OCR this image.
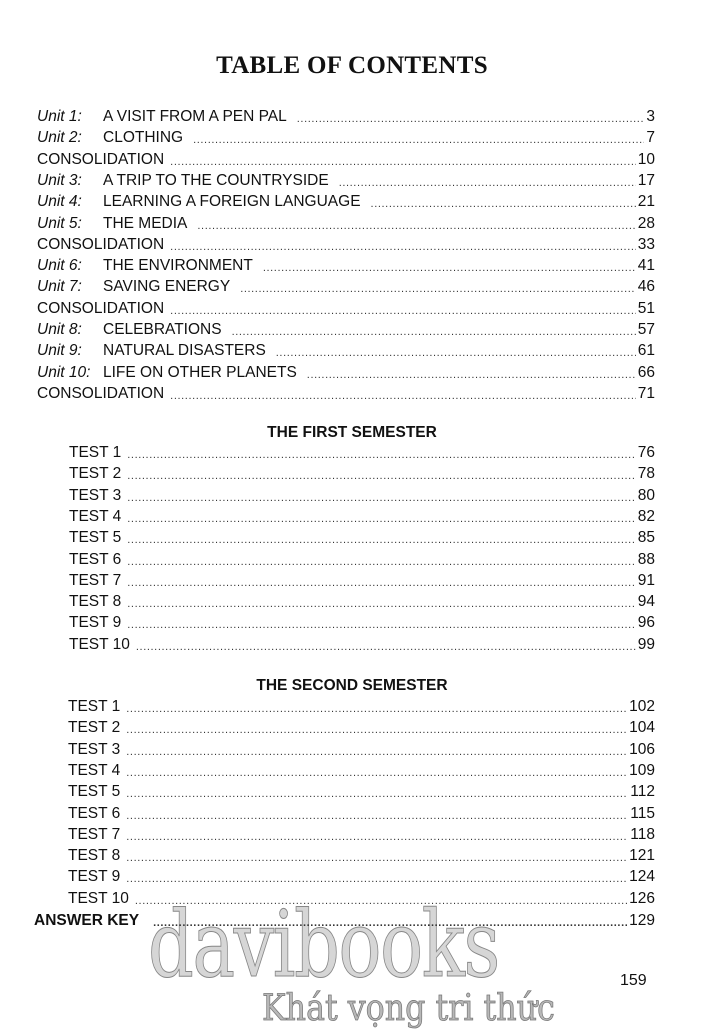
davibooks
Khát vọng tri thức
TABLE OF CONTENTS
Unit 1:	A VISIT FROM A PEN PAL .....	3
Unit 2:	CLOTHING .....	7
CONSOLIDATION .....	10
Unit 3:	A TRIP TO THE COUNTRYSIDE .....	17
Unit 4:	LEARNING A FOREIGN LANGUAGE .....	21
Unit 5:	THE MEDIA .....	28
CONSOLIDATION .....	33
Unit 6:	THE ENVIRONMENT .....	41
Unit 7:	SAVING ENERGY .....	46
CONSOLIDATION .....	51
Unit 8:	CELEBRATIONS .....	57
Unit 9:	NATURAL DISASTERS .....	61
Unit 10: LIFE ON OTHER PLANETS .....	66
CONSOLIDATION .....	71
THE FIRST SEMESTER
TEST 1 .....	76
TEST 2 .....	78
TEST 3 .....	80
TEST 4 .....	82
TEST 5 .....	85
TEST 6 .....	88
TEST 7 .....	91
TEST 8 .....	94
TEST 9 .....	96
TEST 10 .....	99
THE SECOND SEMESTER
TEST 1 .....	102
TEST 2 .....	104
TEST 3 .....	106
TEST 4 .....	109
TEST 5 .....	112
TEST 6 .....	115
TEST 7 .....	118
TEST 8 .....	121
TEST 9 .....	124
TEST 10 .....	126
ANSWER KEY .....	129
159
